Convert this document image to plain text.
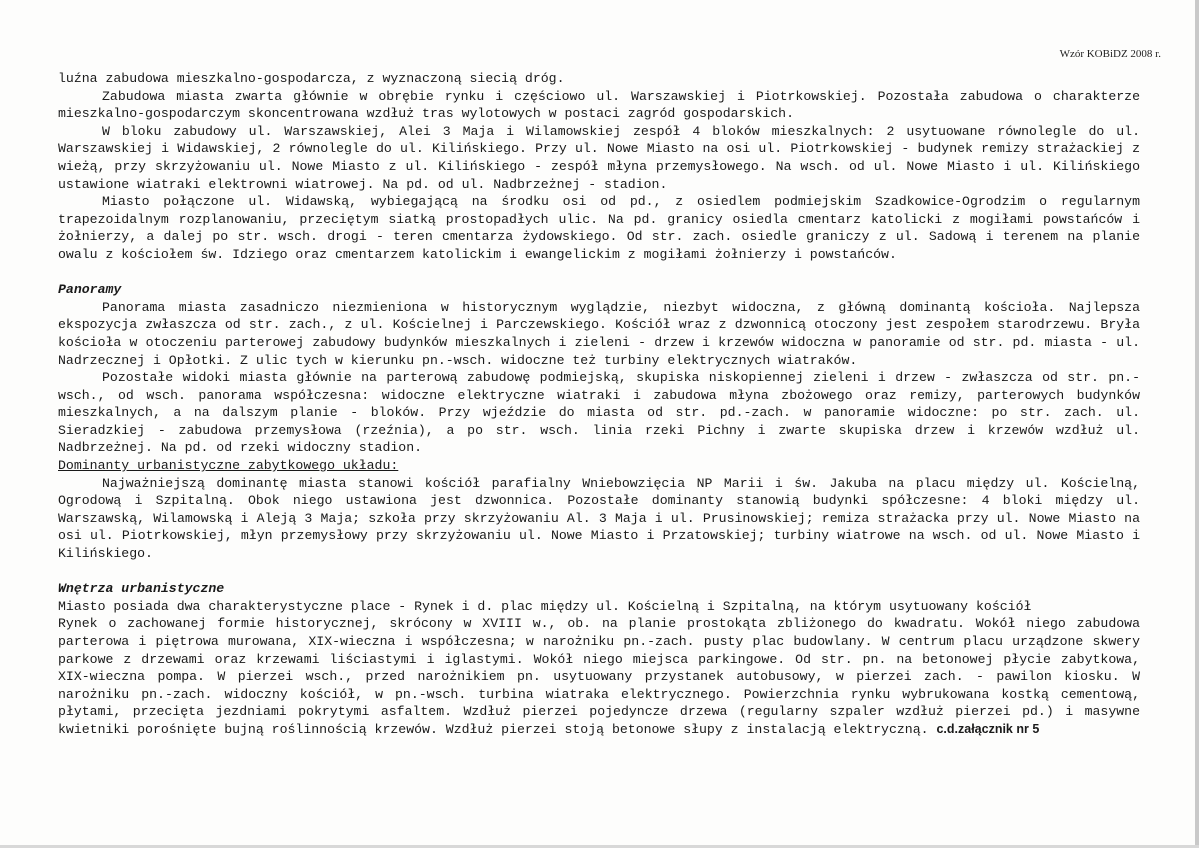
Wzór KOBiDZ 2008 r.

luźna zabudowa mieszkalno-gospodarcza, z wyznaczoną siecią dróg.

Zabudowa miasta zwarta głównie w obrębie rynku i częściowo ul. Warszawskiej i Piotrkowskiej. Pozostała zabudowa o charakterze mieszkalno-gospodarczym skoncentrowana wzdłuż tras wylotowych w postaci zagród gospodarskich.

W bloku zabudowy ul. Warszawskiej, Alei 3 Maja i Wilamowskiej zespół 4 bloków mieszkalnych: 2 usytuowane równolegle do ul. Warszawskiej i Widawskiej, 2 równolegle do ul. Kilińskiego. Przy ul. Nowe Miasto na osi ul. Piotrkowskiej - budynek remizy strażackiej z wieżą, przy skrzyżowaniu ul. Nowe Miasto z ul. Kilińskiego - zespół młyna przemysłowego. Na wsch. od ul. Nowe Miasto i ul. Kilińskiego ustawione wiatraki elektrowni wiatrowej. Na pd. od ul. Nadbrzeżnej - stadion.

Miasto połączone ul. Widawską, wybiegającą na środku osi od pd., z osiedlem podmiejskim Szadkowice-Ogrodzim o regularnym trapezoidalnym rozplanowaniu, przeciętym siatką prostopadłych ulic. Na pd. granicy osiedla cmentarz katolicki z mogiłami powstańców i żołnierzy, a dalej po str. wsch. drogi - teren cmentarza żydowskiego. Od str. zach. osiedle graniczy z ul. Sadową i terenem na planie owalu z kościołem św. Idziego oraz cmentarzem katolickim i ewangelickim z mogiłami żołnierzy i powstańców.

Panoramy

Panorama miasta zasadniczo niezmieniona w historycznym wyglądzie, niezbyt widoczna, z główną dominantą kościoła. Najlepsza ekspozycja zwłaszcza od str. zach., z ul. Kościelnej i Parczewskiego. Kościół wraz z dzwonnicą otoczony jest zespołem starodrzewu. Bryła kościoła w otoczeniu parterowej zabudowy budynków mieszkalnych i zieleni - drzew i krzewów widoczna w panoramie od str. pd. miasta - ul. Nadrzecznej i Opłotki. Z ulic tych w kierunku pn.-wsch. widoczne też turbiny elektrycznych wiatraków.

Pozostałe widoki miasta głównie na parterową zabudowę podmiejską, skupiska niskopiennej zieleni i drzew - zwłaszcza od str. pn.-wsch., od wsch. panorama współczesna: widoczne elektryczne wiatraki i zabudowa młyna zbożowego oraz remizy, parterowych budynków mieszkalnych, a na dalszym planie - bloków. Przy wjeździe do miasta od str. pd.-zach. w panoramie widoczne: po str. zach. ul. Sieradzkiej - zabudowa przemysłowa (rzeźnia), a po str. wsch. linia rzeki Pichny i zwarte skupiska drzew i krzewów wzdłuż ul. Nadbrzeżnej. Na pd. od rzeki widoczny stadion.

Dominanty urbanistyczne zabytkowego układu:

Najważniejszą dominantę miasta stanowi kościół parafialny Wniebowzięcia NP Marii i św. Jakuba na placu między ul. Kościelną, Ogrodową i Szpitalną. Obok niego ustawiona jest dzwonnica. Pozostałe dominanty stanowią budynki spółczesne: 4 bloki między ul. Warszawską, Wilamowską i Aleją 3 Maja; szkoła przy skrzyżowaniu Al. 3 Maja i ul. Prusinowskiej; remiza strażacka przy ul. Nowe Miasto na osi ul. Piotrkowskiej, młyn przemysłowy przy skrzyżowaniu ul. Nowe Miasto i Przatowskiej; turbiny wiatrowe na wsch. od ul. Nowe Miasto i Kilińskiego.

Wnętrza urbanistyczne

Miasto posiada dwa charakterystyczne place - Rynek i d. plac między ul. Kościelną i Szpitalną, na którym usytuowany kościół

Rynek o zachowanej formie historycznej, skrócony w XVIII w., ob. na planie prostokąta zbliżonego do kwadratu. Wokół niego zabudowa parterowa i piętrowa murowana, XIX-wieczna i współczesna; w narożniku pn.-zach. pusty plac budowlany. W centrum placu urządzone skwery parkowe z drzewami oraz krzewami liściastymi i iglastymi. Wokół niego miejsca parkingowe. Od str. pn. na betonowej płycie zabytkowa, XIX-wieczna pompa. W pierzei wsch., przed narożnikiem pn. usytuowany przystanek autobusowy, w pierzei zach. - pawilon kiosku. W narożniku pn.-zach. widoczny kościół, w pn.-wsch. turbina wiatraka elektrycznego. Powierzchnia rynku wybrukowana kostką cementową, płytami, przecięta jezdniami pokrytymi asfaltem. Wzdłuż pierzei pojedyncze drzewa (regularny szpaler wzdłuż pierzei pd.) i masywne kwietniki porośnięte bujną roślinnością krzewów. Wzdłuż pierzei stoją betonowe słupy z instalacją elektryczną. c.d.załącznik nr 5
